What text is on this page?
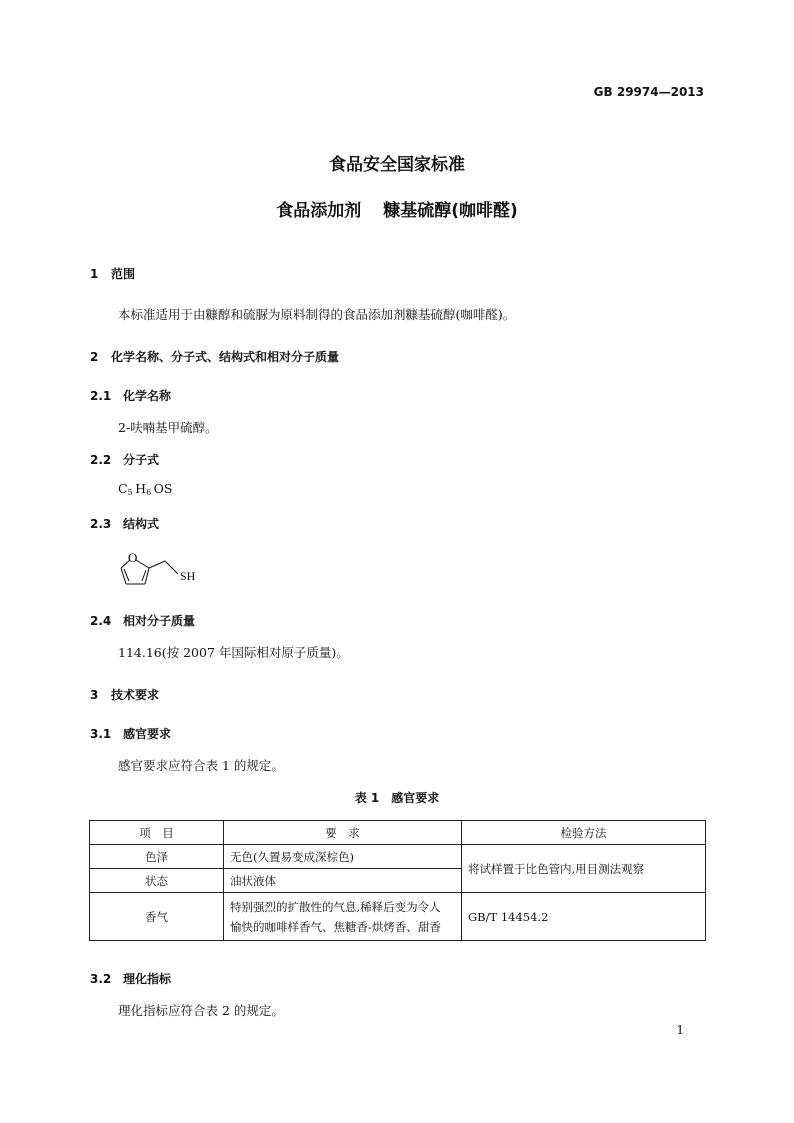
GB 29974—2013
食品安全国家标准
食品添加剂 糠基硫醇(咖啡醛)
1 范围
本标准适用于由糠醇和硫脲为原料制得的食品添加剂糠基硫醇(咖啡醛)。
2 化学名称、分子式、结构式和相对分子质量
2.1 化学名称
2-呋喃基甲硫醇。
2.2 分子式
$C_5$  $H_6$  OS
2.3 结构式
O
SH
2.4 相对分子质量
114.16(按 2007 年国际相对原子质量)。
3 技术要求
3.1 感官要求
感官要求应符合表 1 的规定。
表 1 感官要求
项　目	要　求	检验方法
色泽	无色(久置易变成深棕色)	将试样置于比色管内,用目测法观察
状态	油状液体	
香气	特别强烈的扩散性的气息,稀释后变为令人
愉快的咖啡样香气、焦糖香-烘烤香、甜香	GB/T 14454.2
3.2 理化指标
理化指标应符合表 2 的规定。
1
